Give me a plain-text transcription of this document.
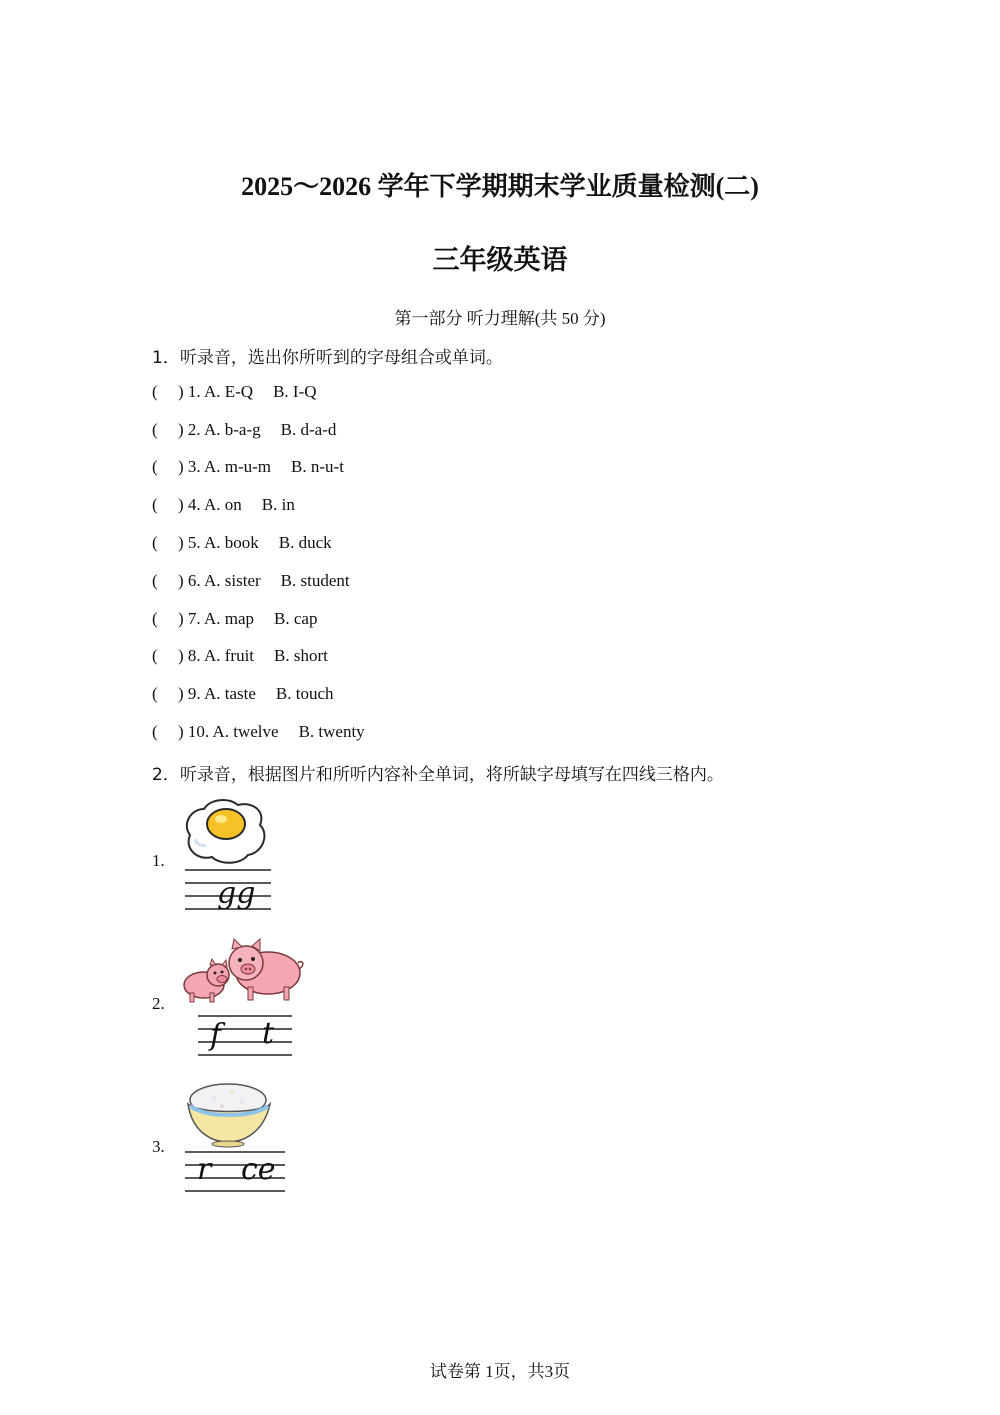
2025～2026 学年下学期期末学业质量检测(二)
三年级英语
第一部分 听力理解(共 50 分)
1．听录音，选出你所听到的字母组合或单词。
( ) 1. A. E-Q B. I-Q
( ) 2. A. b-a-g B. d-a-d
( ) 3. A. m-u-m B. n-u-t
( ) 4. A. on B. in
( ) 5. A. book B. duck
( ) 6. A. sister B. student
( ) 7. A. map B. cap
( ) 8. A. fruit B. short
( ) 9. A. taste B. touch
( ) 10. A. twelve B. twenty
2．听录音，根据图片和所听内容补全单词，将所缺字母填写在四线三格内。
1.
gg
2.
f t
3.
r ce
试卷第 1页，共3页
